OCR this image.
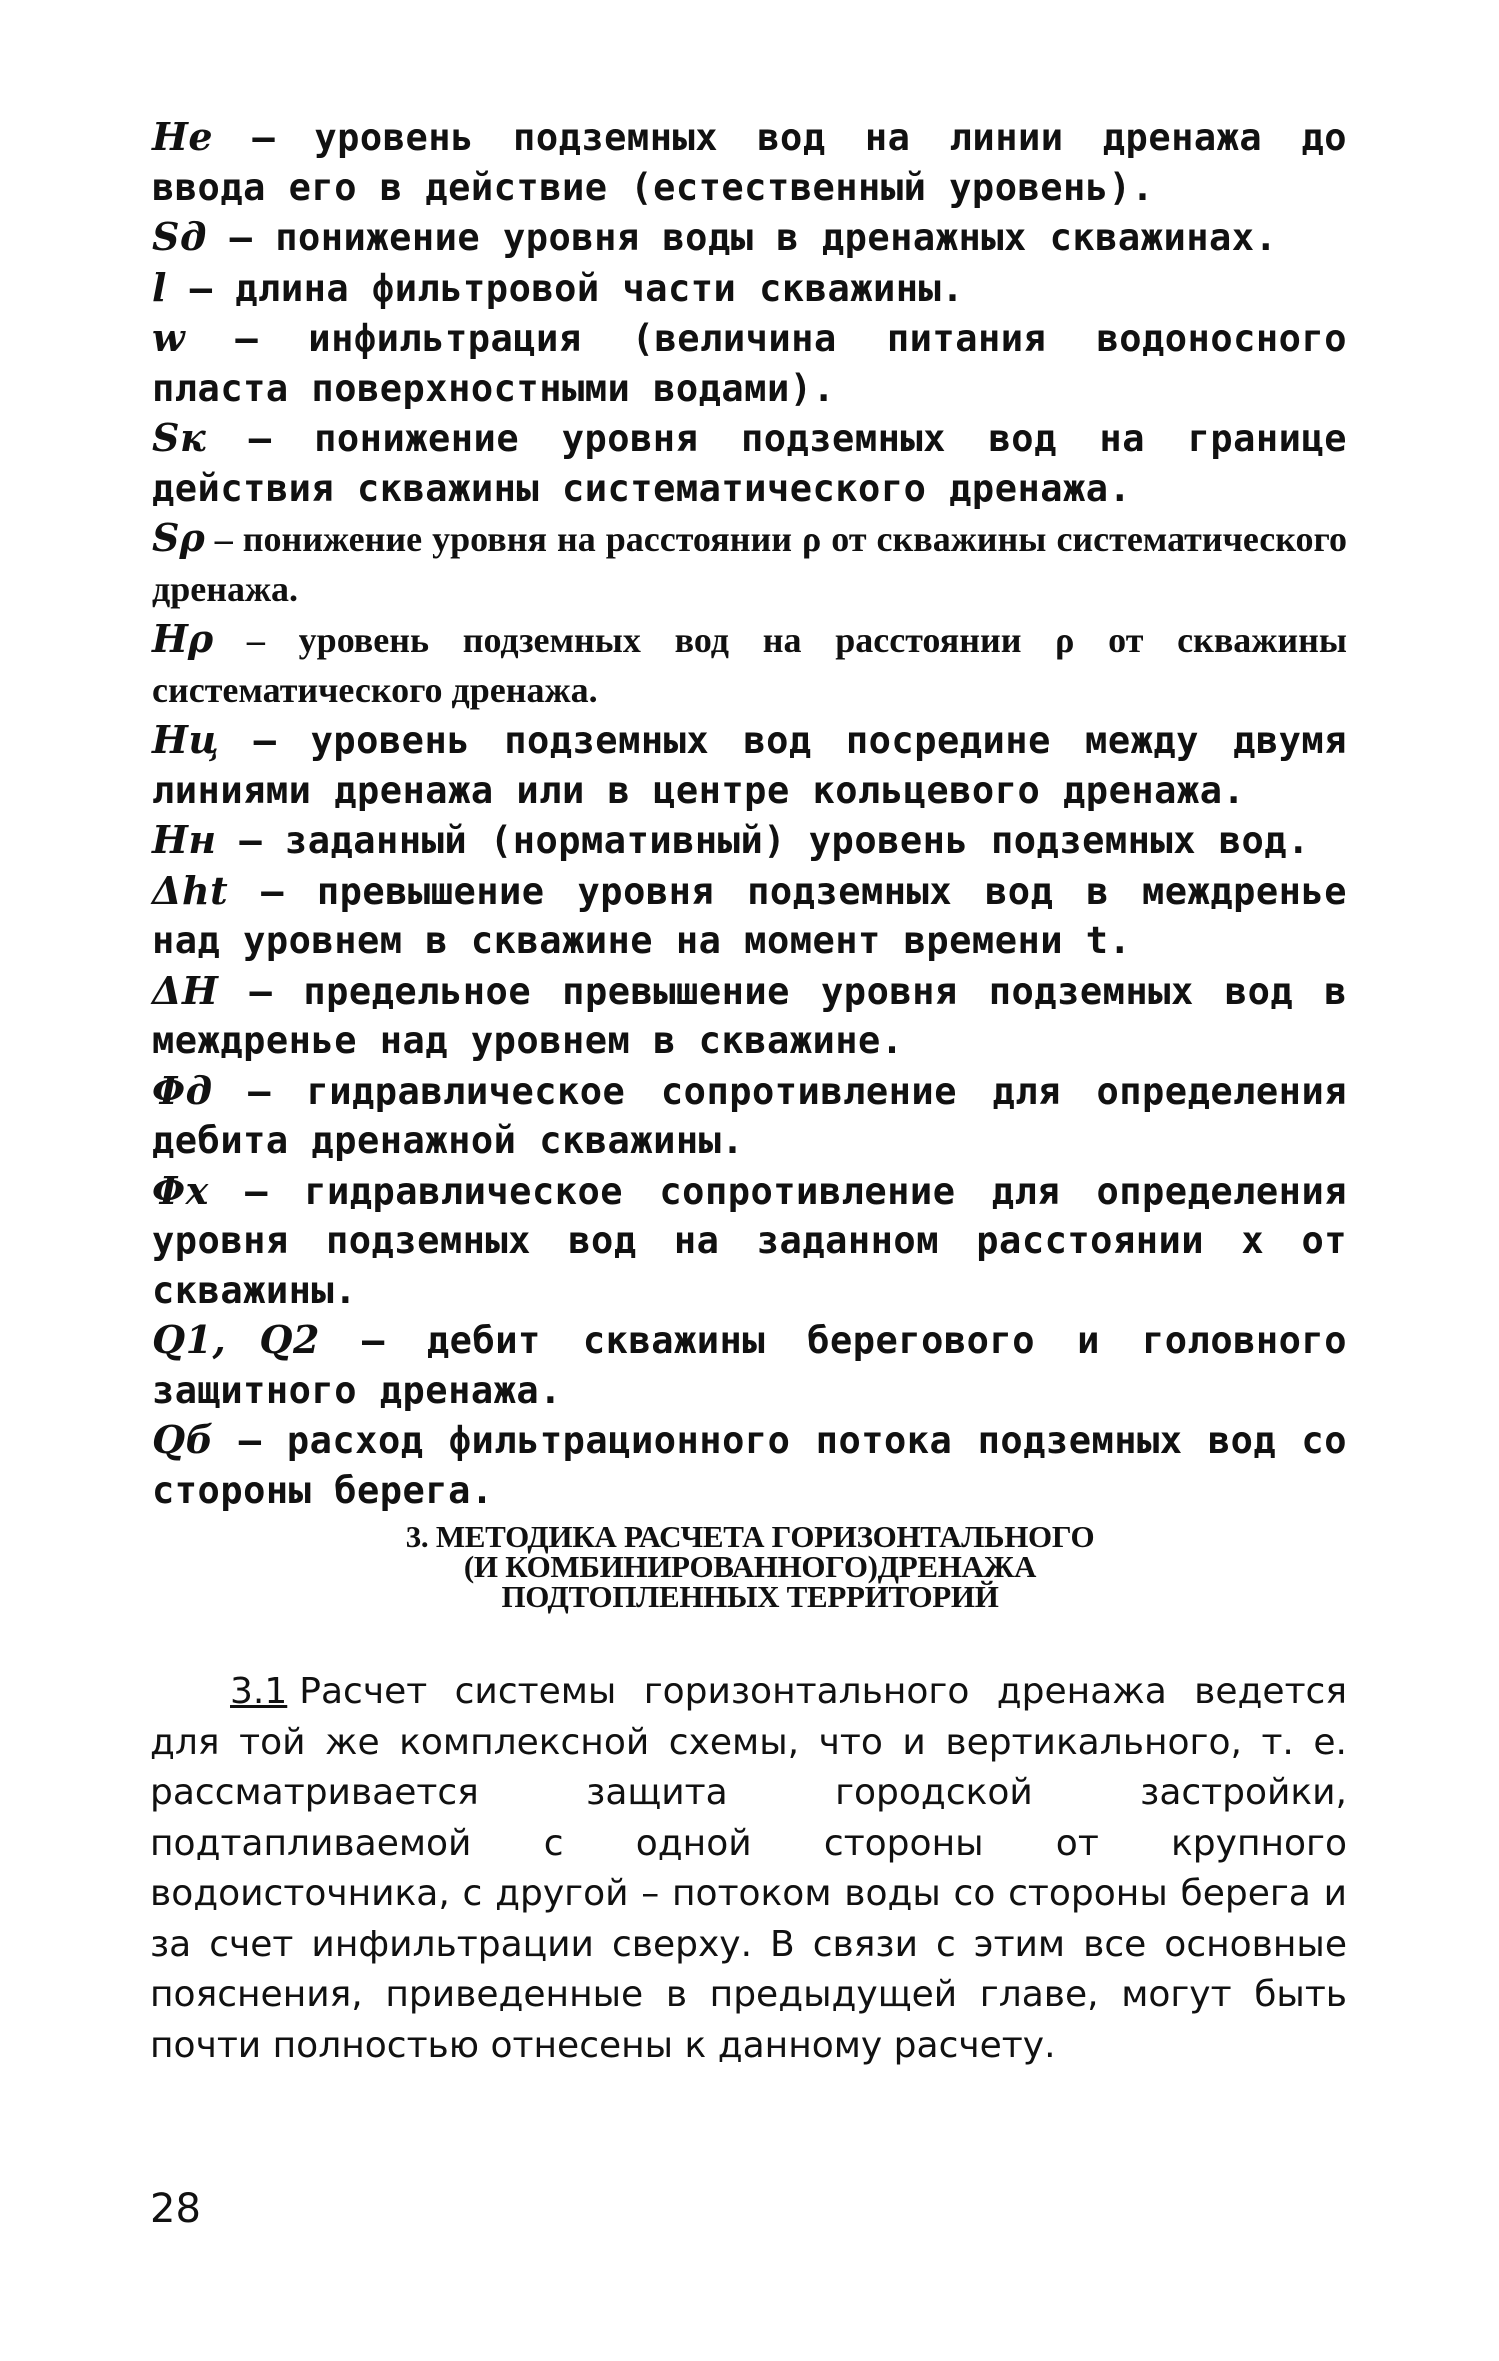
Hе – уровень подземных вод на линии дренажа до ввода его в действие (естественный уровень).

Sд – понижение уровня воды в дренажных скважинах.

l – длина фильтровой части скважины.

w – инфильтрация (величина питания водоносного пласта поверхностными водами).

Sк – понижение уровня подземных вод на границе действия скважины систематического дренажа.

Sρ – понижение уровня на расстоянии ρ от скважины систематического дренажа.

Hρ – уровень подземных вод на расстоянии ρ от скважины систематического дренажа.

Hц – уровень подземных вод посредине между двумя линиями дренажа или в центре кольцевого дренажа.

Hн – заданный (нормативный) уровень подземных вод.

Δht – превышение уровня подземных вод в междренье над уровнем в скважине на момент времени t.

ΔH – предельное превышение уровня подземных вод в междренье над уровнем в скважине.

Φд – гидравлическое сопротивление для определения дебита дренажной скважины.

Φx – гидравлическое сопротивление для определения уровня подземных вод на заданном расстоянии x от скважины.

Q1, Q2 – дебит скважины берегового и головного защитного дренажа.

Qб – расход фильтрационного потока подземных вод со стороны берега.

3. МЕТОДИКА РАСЧЕТА ГОРИЗОНТАЛЬНОГО
(И КОМБИНИРОВАННОГО)ДРЕНАЖА
ПОДТОПЛЕННЫХ ТЕРРИТОРИЙ
3.1 Расчет системы горизонтального дренажа ведется для той же комплексной схемы, что и вертикального, т. е. рассматривается защита городской застройки, подтапливаемой с одной стороны от крупного водоисточника, с другой – потоком воды со стороны берега и за счет инфильтрации сверху. В связи с этим все основные пояснения, приведенные в предыдущей главе, могут быть почти полностью отнесены к данному расчету.
28
